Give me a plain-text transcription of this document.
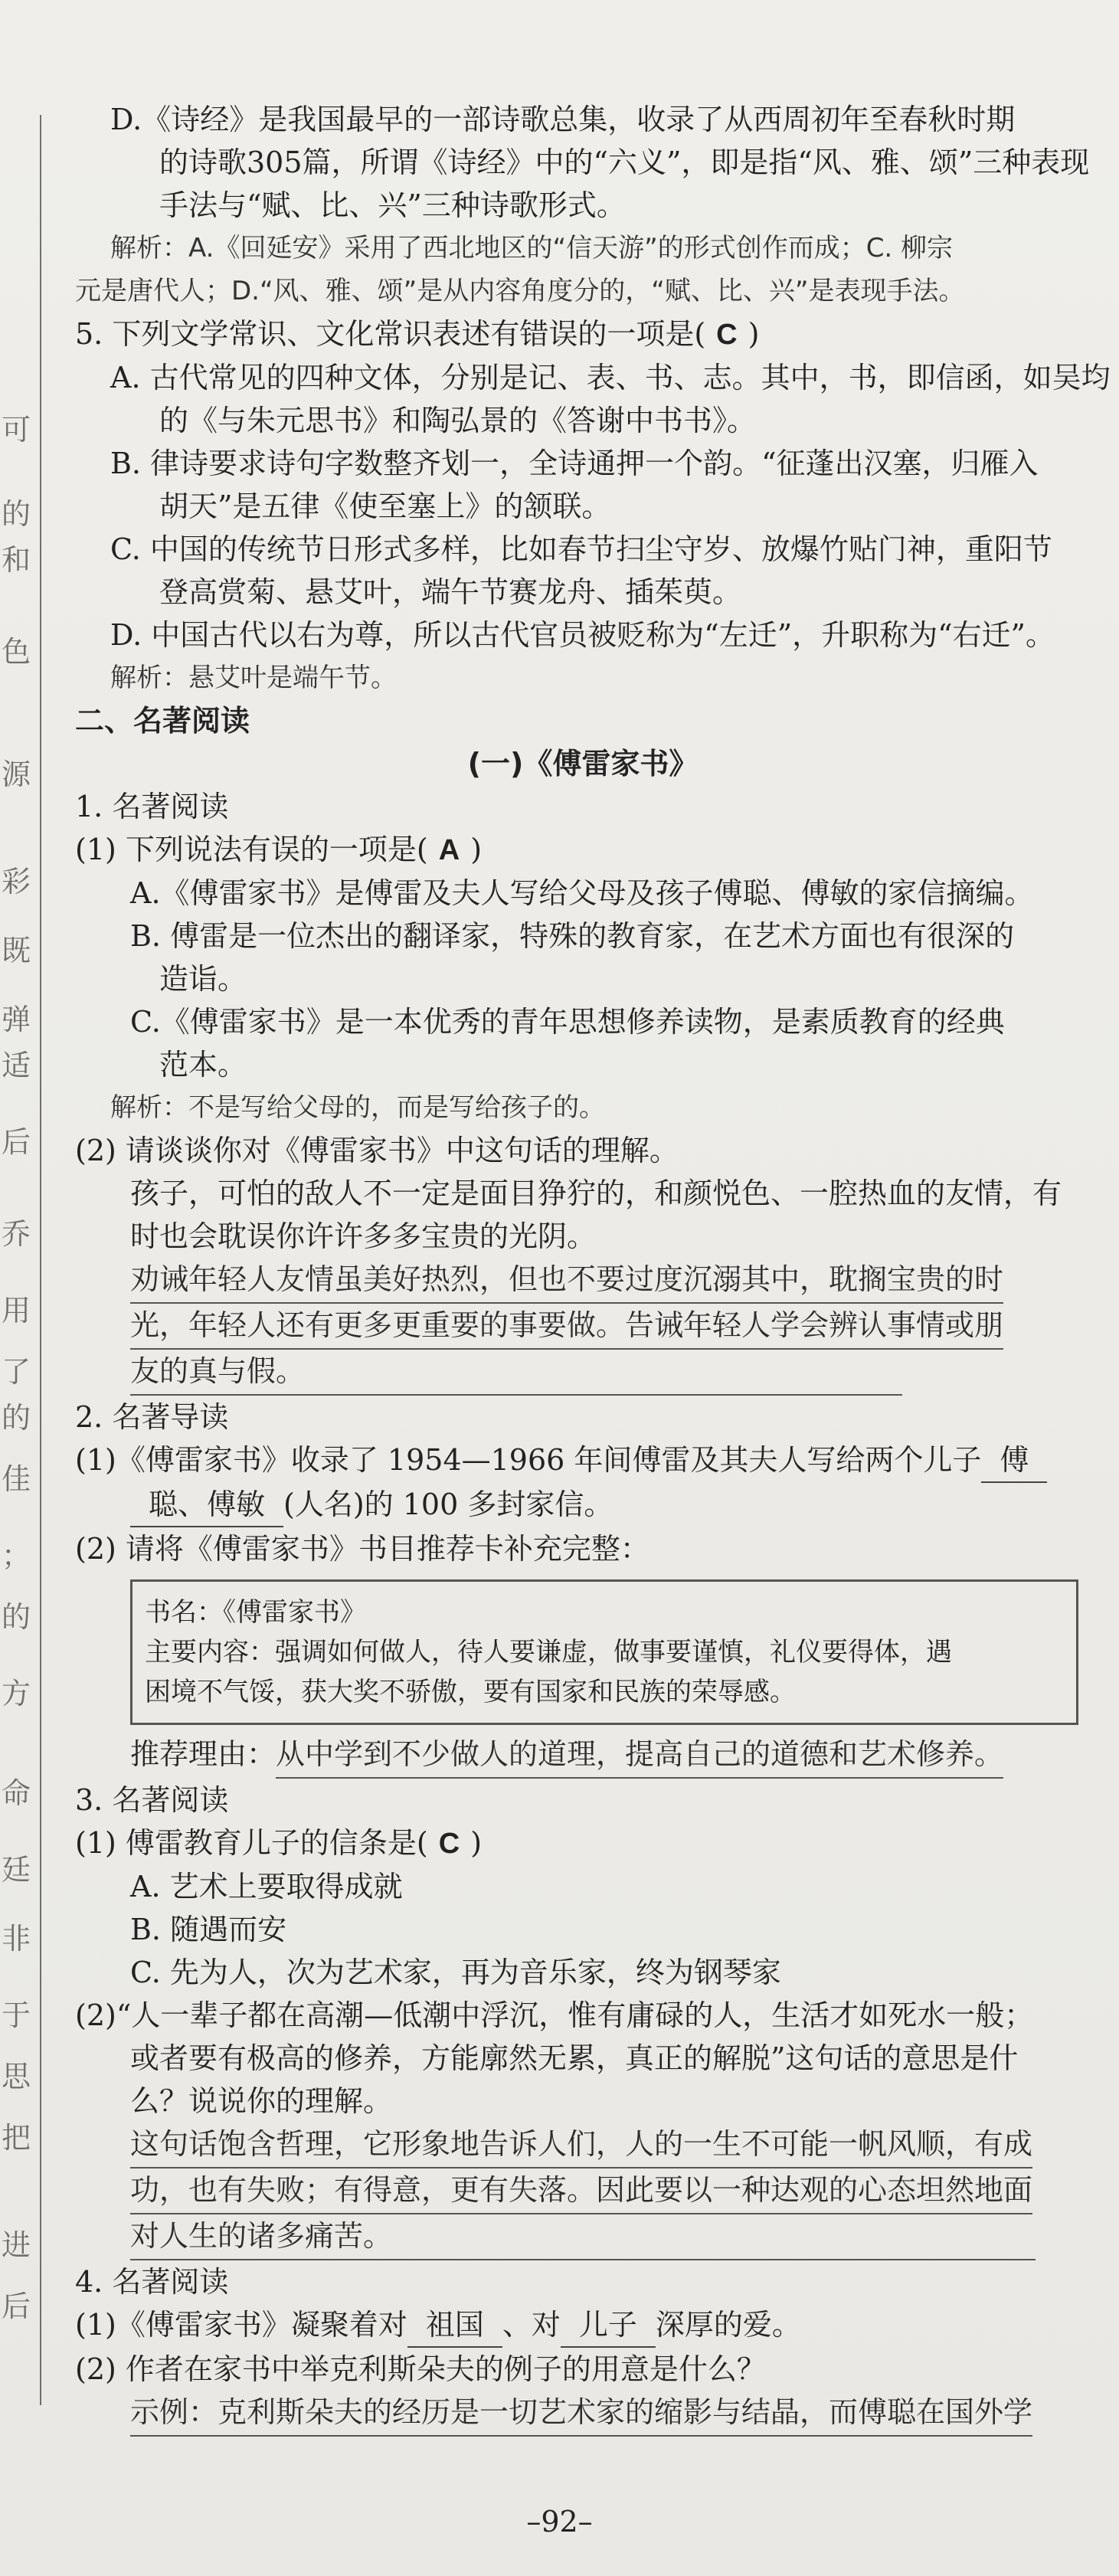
可
的
和
色
源
彩
既
弹
适
后
乔
用
了
的
佳
；
的
方
命
廷
非
于
思
把
进
后
D.《诗经》是我国最早的一部诗歌总集，收录了从西周初年至春秋时期
的诗歌305篇，所谓《诗经》中的“六义”，即是指“风、雅、颂”三种表现
手法与“赋、比、兴”三种诗歌形式。
解析：A.《回延安》采用了西北地区的“信天游”的形式创作而成；C. 柳宗
元是唐代人；D.“风、雅、颂”是从内容角度分的，“赋、比、兴”是表现手法。
5. 下列文学常识、文化常识表述有错误的一项是( C )
A. 古代常见的四种文体，分别是记、表、书、志。其中，书，即信函，如吴均
的《与朱元思书》和陶弘景的《答谢中书书》。
B. 律诗要求诗句字数整齐划一，全诗通押一个韵。“征蓬出汉塞，归雁入
胡天”是五律《使至塞上》的颔联。
C. 中国的传统节日形式多样，比如春节扫尘守岁、放爆竹贴门神，重阳节
登高赏菊、悬艾叶，端午节赛龙舟、插茱萸。
D. 中国古代以右为尊，所以古代官员被贬称为“左迁”，升职称为“右迁”。
解析：悬艾叶是端午节。
二、名著阅读
(一)《傅雷家书》
1. 名著阅读
(1) 下列说法有误的一项是( A )
A.《傅雷家书》是傅雷及夫人写给父母及孩子傅聪、傅敏的家信摘编。
B. 傅雷是一位杰出的翻译家，特殊的教育家，在艺术方面也有很深的
造诣。
C.《傅雷家书》是一本优秀的青年思想修养读物，是素质教育的经典
范本。
解析：不是写给父母的，而是写给孩子的。
(2) 请谈谈你对《傅雷家书》中这句话的理解。
孩子，可怕的敌人不一定是面目狰狞的，和颜悦色、一腔热血的友情，有
时也会耽误你许许多多宝贵的光阴。
劝诫年轻人友情虽美好热烈，但也不要过度沉溺其中，耽搁宝贵的时
光，年轻人还有更多更重要的事要做。告诫年轻人学会辨认事情或朋
友的真与假。
2. 名著导读
(1)《傅雷家书》收录了 1954—1966 年间傅雷及其夫人写给两个儿子 傅
聪、傅敏 (人名)的 100 多封家信。
(2) 请将《傅雷家书》书目推荐卡补充完整：
书名：《傅雷家书》
主要内容：强调如何做人，待人要谦虚，做事要谨慎，礼仪要得体，遇
困境不气馁，获大奖不骄傲，要有国家和民族的荣辱感。
推荐理由：从中学到不少做人的道理，提高自己的道德和艺术修养。
3. 名著阅读
(1) 傅雷教育儿子的信条是( C )
A. 艺术上要取得成就
B. 随遇而安
C. 先为人，次为艺术家，再为音乐家，终为钢琴家
(2)“人一辈子都在高潮—低潮中浮沉，惟有庸碌的人，生活才如死水一般；
或者要有极高的修养，方能廓然无累，真正的解脱”这句话的意思是什
么？说说你的理解。
这句话饱含哲理，它形象地告诉人们，人的一生不可能一帆风顺，有成
功，也有失败；有得意，更有失落。因此要以一种达观的心态坦然地面
对人生的诸多痛苦。
4. 名著阅读
(1)《傅雷家书》凝聚着对 祖国 、对 儿子 深厚的爱。
(2) 作者在家书中举克利斯朵夫的例子的用意是什么？
示例：克利斯朵夫的经历是一切艺术家的缩影与结晶，而傅聪在国外学
–92–
